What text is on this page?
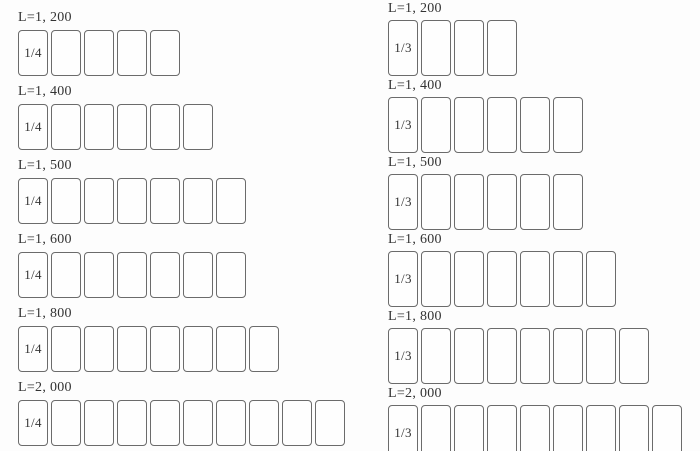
L=1, 200
1/4
L=1, 400
1/4
L=1, 500
1/4
L=1, 600
1/4
L=1, 800
1/4
L=2, 000
1/4
L=1, 200
1/3
L=1, 400
1/3
L=1, 500
1/3
L=1, 600
1/3
L=1, 800
1/3
L=2, 000
1/3
